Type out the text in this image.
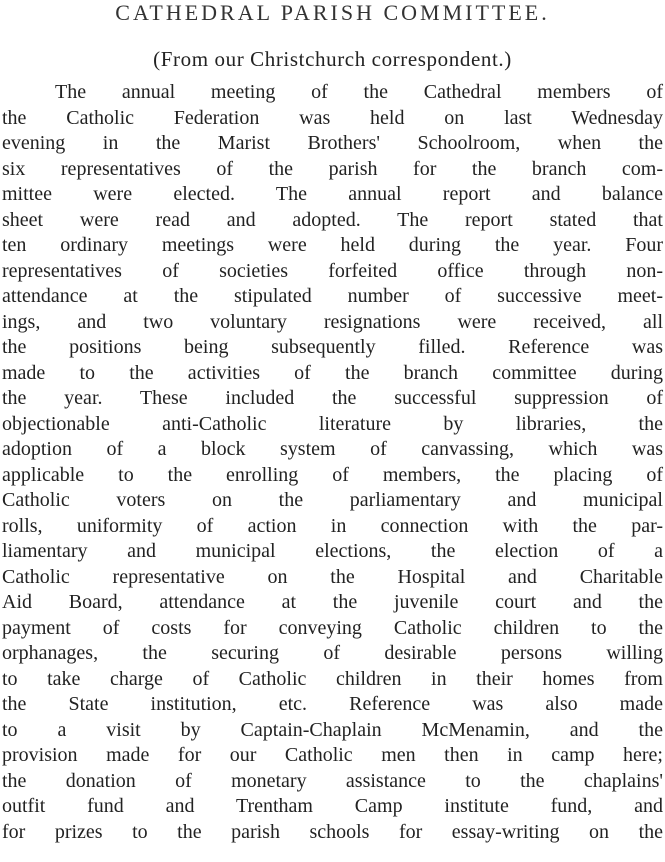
CATHEDRAL PARISH COMMITTEE.
(From our Christchurch correspondent.)
The annual meeting of the Cathedral members of
the Catholic Federation was held on last Wednesday
evening in the Marist Brothers' Schoolroom, when the
six representatives of the parish for the branch com-
mittee were elected. The annual report and balance
sheet were read and adopted. The report stated that
ten ordinary meetings were held during the year. Four
representatives of societies forfeited office through non-
attendance at the stipulated number of successive meet-
ings, and two voluntary resignations were received, all
the positions being subsequently filled. Reference was
made to the activities of the branch committee during
the year. These included the successful suppression of
objectionable anti-Catholic literature by libraries, the
adoption of a block system of canvassing, which was
applicable to the enrolling of members, the placing of
Catholic voters on the parliamentary and municipal
rolls, uniformity of action in connection with the par-
liamentary and municipal elections, the election of a
Catholic representative on the Hospital and Charitable
Aid Board, attendance at the juvenile court and the
payment of costs for conveying Catholic children to the
orphanages, the securing of desirable persons willing
to take charge of Catholic children in their homes from
the State institution, etc. Reference was also made
to a visit by Captain-Chaplain McMenamin, and the
provision made for our Catholic men then in camp here;
the donation of monetary assistance to the chaplains'
outfit fund and Trentham Camp institute fund, and
for prizes to the parish schools for essay-writing on the
